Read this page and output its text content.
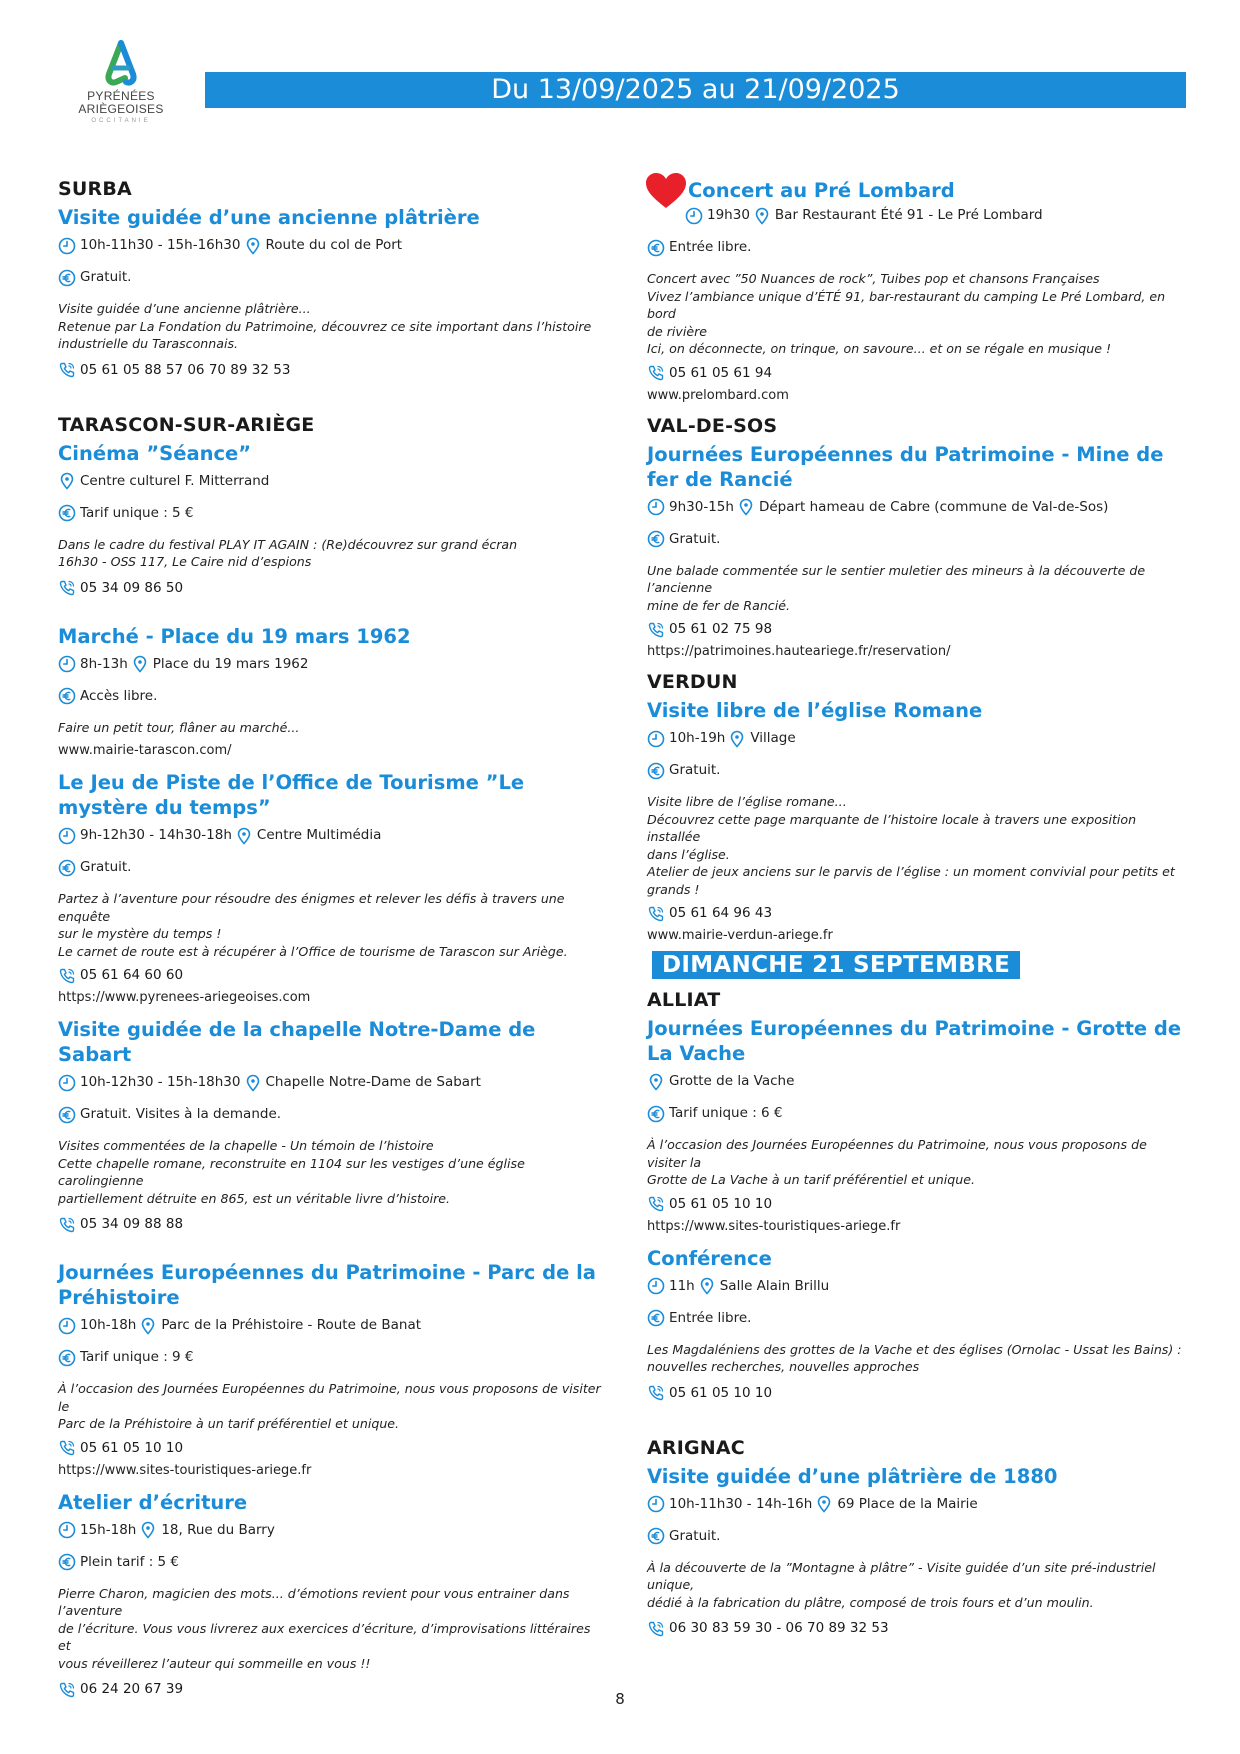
PYRÉNÉES
ARIÈGEOISES
OCCITANIE
Du 13/09/2025 au 21/09/2025
SURBA
Visite guidée d’une ancienne plâtrière
10h-11h30 - 15h-16h30 Route du col de Port
Gratuit.
Visite guidée d’une ancienne plâtrière...
Retenue par La Fondation du Patrimoine, découvrez ce site important dans l’histoire
industrielle du Tarasconnais.
05 61 05 88 57 06 70 89 32 53
TARASCON-SUR-ARIÈGE
Cinéma ”Séance”
Centre culturel F. Mitterrand
Tarif unique : 5 €
Dans le cadre du festival PLAY IT AGAIN : (Re)découvrez sur grand écran
16h30 - OSS 117, Le Caire nid d’espions
05 34 09 86 50
Marché - Place du 19 mars 1962
8h-13h Place du 19 mars 1962
Accès libre.
Faire un petit tour, flâner au marché...
www.mairie-tarascon.com/
Le Jeu de Piste de l’Office de Tourisme ”Le mystère du temps”
9h-12h30 - 14h30-18h Centre Multimédia
Gratuit.
Partez à l’aventure pour résoudre des énigmes et relever les défis à travers une enquête
sur le mystère du temps !
Le carnet de route est à récupérer à l’Office de tourisme de Tarascon sur Ariège.
05 61 64 60 60
https://www.pyrenees-ariegeoises.com
Visite guidée de la chapelle Notre-Dame de Sabart
10h-12h30 - 15h-18h30 Chapelle Notre-Dame de Sabart
Gratuit. Visites à la demande.
Visites commentées de la chapelle - Un témoin de l’histoire
Cette chapelle romane, reconstruite en 1104 sur les vestiges d’une église carolingienne
partiellement détruite en 865, est un véritable livre d’histoire.
05 34 09 88 88
Journées Européennes du Patrimoine - Parc de la Préhistoire
10h-18h Parc de la Préhistoire - Route de Banat
Tarif unique : 9 €
À l’occasion des Journées Européennes du Patrimoine, nous vous proposons de visiter le
Parc de la Préhistoire à un tarif préférentiel et unique.
05 61 05 10 10
https://www.sites-touristiques-ariege.fr
Atelier d’écriture
15h-18h 18, Rue du Barry
Plein tarif : 5 €
Pierre Charon, magicien des mots... d’émotions revient pour vous entrainer dans l’aventure
de l’écriture. Vous vous livrerez aux exercices d’écriture, d’improvisations littéraires et
vous réveillerez l’auteur qui sommeille en vous !!
06 24 20 67 39
Concert au Pré Lombard
19h30 Bar Restaurant Été 91 - Le Pré Lombard
Entrée libre.
Concert avec ”50 Nuances de rock”, Tuibes pop et chansons Françaises
Vivez l’ambiance unique d’ÉTÉ 91, bar-restaurant du camping Le Pré Lombard, en bord
de rivière
Ici, on déconnecte, on trinque, on savoure... et on se régale en musique !
05 61 05 61 94
www.prelombard.com
VAL-DE-SOS
Journées Européennes du Patrimoine - Mine de fer de Rancié
9h30-15h Départ hameau de Cabre (commune de Val-de-Sos)
Gratuit.
Une balade commentée sur le sentier muletier des mineurs à la découverte de l’ancienne
mine de fer de Rancié.
05 61 02 75 98
https://patrimoines.hauteariege.fr/reservation/
VERDUN
Visite libre de l’église Romane
10h-19h Village
Gratuit.
Visite libre de l’église romane...
Découvrez cette page marquante de l’histoire locale à travers une exposition installée
dans l’église.
Atelier de jeux anciens sur le parvis de l’église : un moment convivial pour petits et
grands !
05 61 64 96 43
www.mairie-verdun-ariege.fr
DIMANCHE 21 SEPTEMBRE
ALLIAT
Journées Européennes du Patrimoine - Grotte de La Vache
Grotte de la Vache
Tarif unique : 6 €
À l’occasion des Journées Européennes du Patrimoine, nous vous proposons de visiter la
Grotte de La Vache à un tarif préférentiel et unique.
05 61 05 10 10
https://www.sites-touristiques-ariege.fr
Conférence
11h Salle Alain Brillu
Entrée libre.
Les Magdaléniens des grottes de la Vache et des églises (Ornolac - Ussat les Bains) :
nouvelles recherches, nouvelles approches
05 61 05 10 10
ARIGNAC
Visite guidée d’une plâtrière de 1880
10h-11h30 - 14h-16h 69 Place de la Mairie
Gratuit.
À la découverte de la ”Montagne à plâtre” - Visite guidée d’un site pré-industriel unique,
dédié à la fabrication du plâtre, composé de trois fours et d’un moulin.
06 30 83 59 30 - 06 70 89 32 53
8
